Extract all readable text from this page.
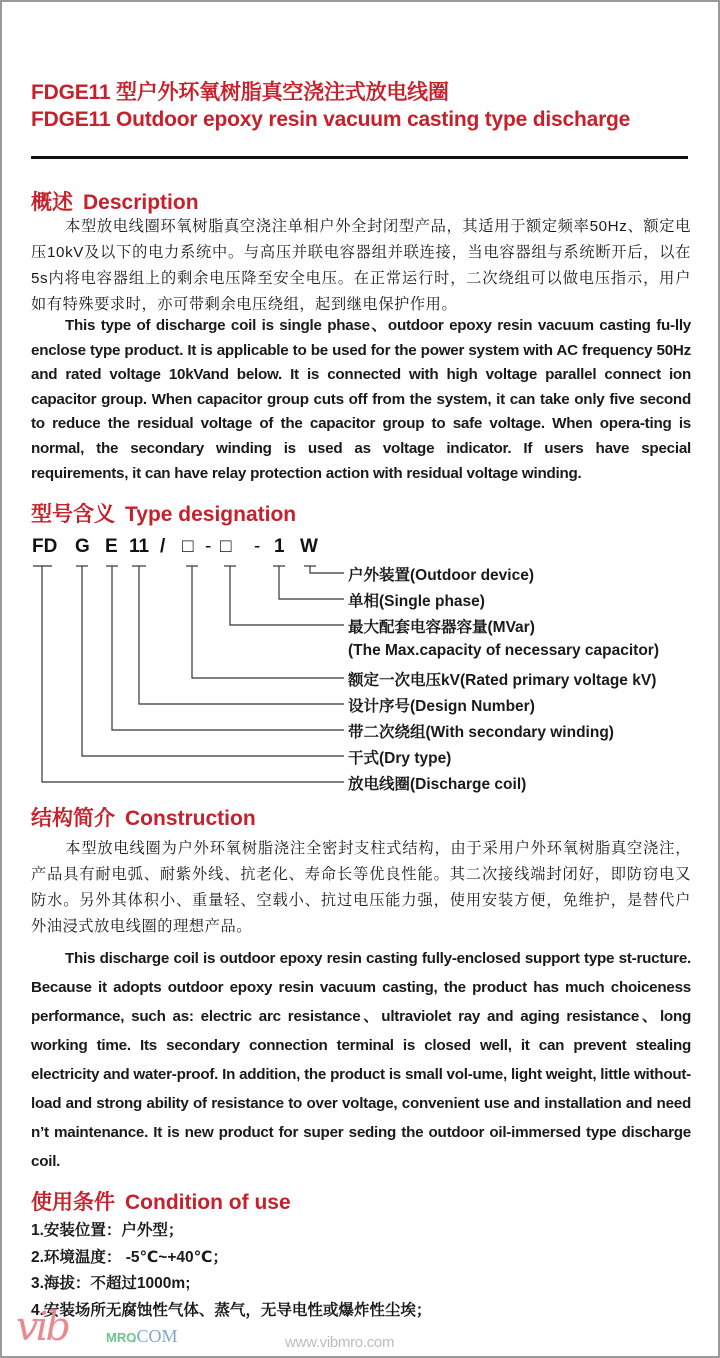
FDGE11 型户外环氧树脂真空浇注式放电线圈
FDGE11 Outdoor epoxy resin vacuum casting type discharge
概述 Description
本型放电线圈环氧树脂真空浇注单相户外全封闭型产品，其适用于额定频率50Hz、额定电压10kV及以下的电力系统中。与高压并联电容器组并联连接，当电容器组与系统断开后，以在5s内将电容器组上的剩余电压降至安全电压。在正常运行时，二次绕组可以做电压指示，用户如有特殊要求时，亦可带剩余电压绕组，起到继电保护作用。
This type of discharge coil is single phase、outdoor epoxy resin vacuum casting fu-lly enclose type product. It is applicable to be used for the power system with AC frequency 50Hz and rated voltage 10kVand below. It is connected with high voltage parallel connect ion capacitor group. When capacitor group cuts off from the system, it can take only five second to reduce the residual voltage of the capacitor group to safe voltage. When opera-ting is normal, the secondary winding is used as voltage indicator. If users have special requirements, it can have relay protection action with residual voltage winding.
型号含义 Type designation
FD G E 11 / □ - □ - 1 W
户外装置(Outdoor device)
单相(Single phase)
最大配套电容器容量(MVar)
(The Max.capacity of necessary capacitor)
额定一次电压kV(Rated primary voltage kV)
设计序号(Design Number)
带二次绕组(With secondary winding)
干式(Dry type)
放电线圈(Discharge coil)
结构简介 Construction
本型放电线圈为户外环氧树脂浇注全密封支柱式结构，由于采用户外环氧树脂真空浇注，产品具有耐电弧、耐紫外线、抗老化、寿命长等优良性能。其二次接线端封闭好，即防窃电又防水。另外其体积小、重量轻、空载小、抗过电压能力强，使用安装方便，免维护，是替代户外油浸式放电线圈的理想产品。
This discharge coil is outdoor epoxy resin casting fully-enclosed support type st-ructure. Because it adopts outdoor epoxy resin vacuum casting, the product has much choiceness performance, such as: electric arc resistance、ultraviolet ray and aging resistance、long working time. Its secondary connection terminal is closed well, it can prevent stealing electricity and water-proof. In addition, the product is small vol-ume, light weight, little without-load and strong ability of resistance to over voltage, convenient use and installation and need n’t maintenance. It is new product for super seding the outdoor oil-immersed type discharge coil.
使用条件 Condition of use
1.安装位置：户外型；
2.环境温度： -5℃~+40℃；
3.海拔：不超过1000m;
4.安装场所无腐蚀性气体、蒸气，无导电性或爆炸性尘埃；
vib	MRO
.COM	www.vibmro.com
